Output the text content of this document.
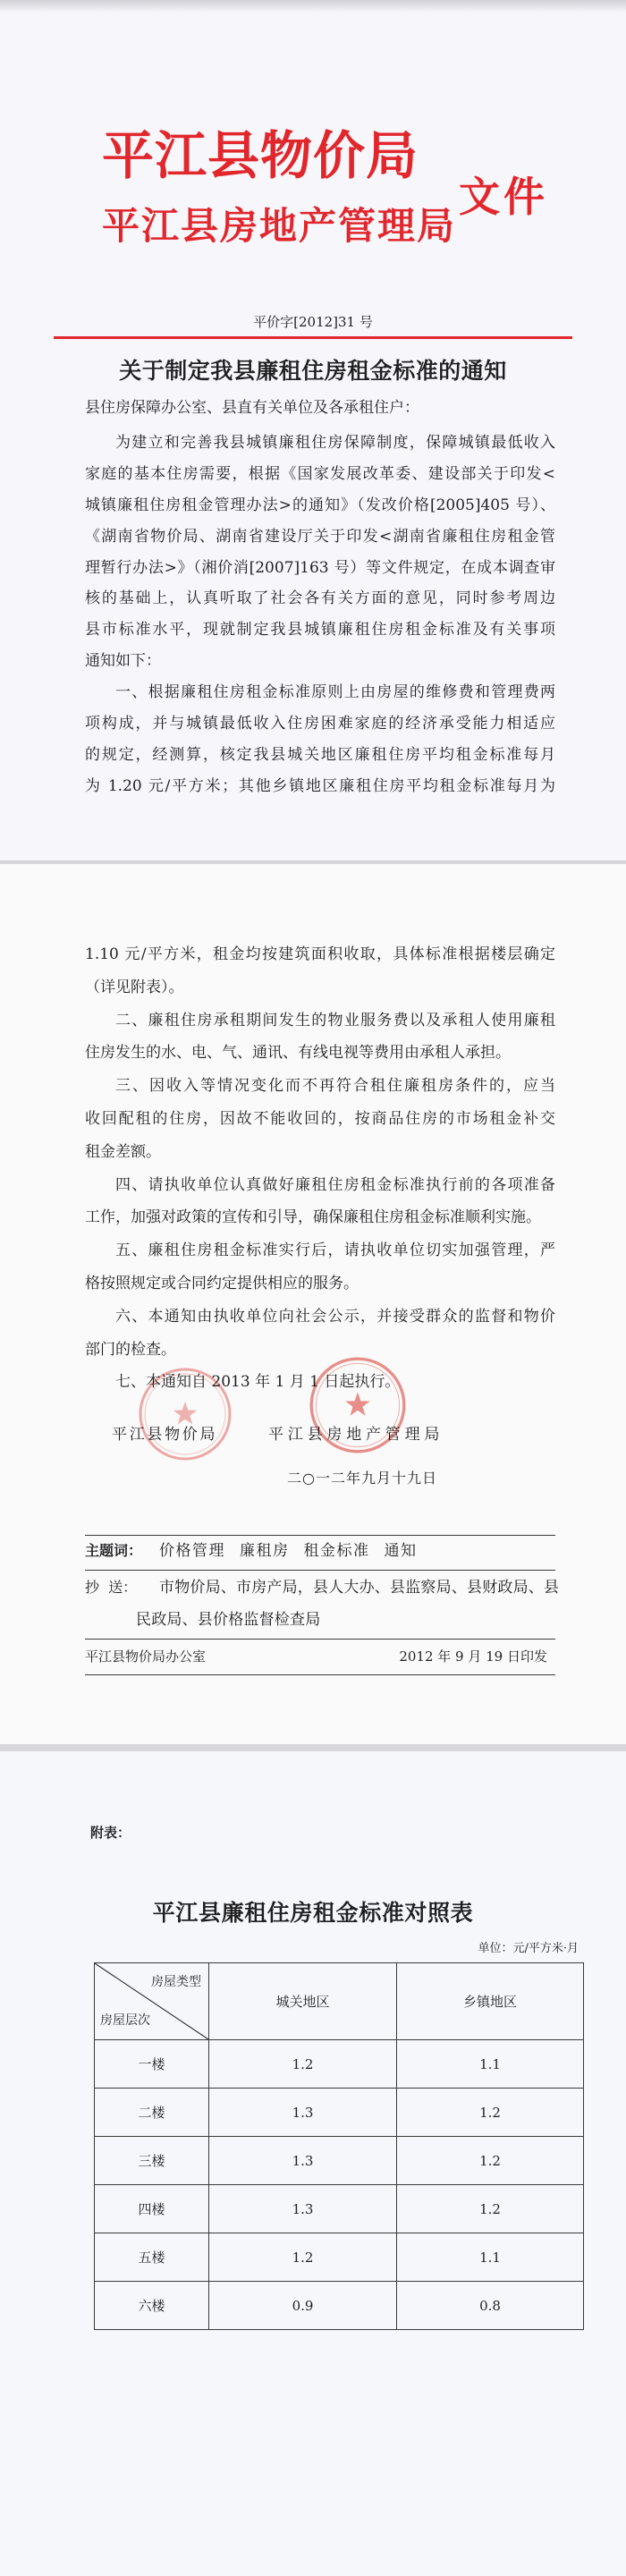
平江县物价局
平江县房地产管理局
文件
平价字[2012]31 号
关于制定我县廉租住房租金标准的通知
县住房保障办公室、县直有关单位及各承租住户：
为建立和完善我县城镇廉租住房保障制度，保障城镇最低收入
家庭的基本住房需要，根据《国家发展改革委、建设部关于印发<
城镇廉租住房租金管理办法>的通知》（发改价格[2005]405 号）、
《湖南省物价局、湖南省建设厅关于印发<湖南省廉租住房租金管
理暂行办法>》（湘价消[2007]163 号）等文件规定，在成本调查审
核的基础上，认真听取了社会各有关方面的意见，同时参考周边
县市标准水平，现就制定我县城镇廉租住房租金标准及有关事项
通知如下：
一、根据廉租住房租金标准原则上由房屋的维修费和管理费两
项构成，并与城镇最低收入住房困难家庭的经济承受能力相适应
的规定，经测算，核定我县城关地区廉租住房平均租金标准每月
为 1.20 元/平方米；其他乡镇地区廉租住房平均租金标准每月为
1.10 元/平方米，租金均按建筑面积收取，具体标准根据楼层确定
（详见附表）。
二、廉租住房承租期间发生的物业服务费以及承租人使用廉租
住房发生的水、电、气、通讯、有线电视等费用由承租人承担。
三、因收入等情况变化而不再符合租住廉租房条件的，应当
收回配租的住房，因故不能收回的，按商品住房的市场租金补交
租金差额。
四、请执收单位认真做好廉租住房租金标准执行前的各项准备
工作，加强对政策的宣传和引导，确保廉租住房租金标准顺利实施。
五、廉租住房租金标准实行后，请执收单位切实加强管理，严
格按照规定或合同约定提供相应的服务。
六、本通知由执收单位向社会公示，并接受群众的监督和物价
部门的检查。
七、本通知自 2013 年 1 月 1 日起执行。
平江县物价局	平江县房地产管理局
二○一二年九月十九日
主题词： 价格管理 廉租房 租金标准 通知
抄  送： 市物价局、市房产局，县人大办、县监察局、县财政局、县
民政局、县价格监督检查局
平江县物价局办公室	2012 年 9 月 19 日印发
附表：
平江县廉租住房租金标准对照表
单位：元/平方米·月
房屋类型
房屋层次	城关地区	乡镇地区
一楼	1.2	1.1
二楼	1.3	1.2
三楼	1.3	1.2
四楼	1.3	1.2
五楼	1.2	1.1
六楼	0.9	0.8
